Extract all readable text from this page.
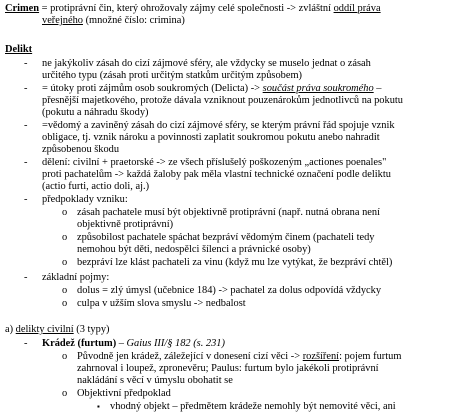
Crimen = protiprávní čin, který ohrožovaly zájmy celé společnosti -> zvláštní oddíl práva
veřejného (množné číslo: crimina)
Delikt
- ne jakýkoliv zásah do cizí zájmové sféry, ale vždycky se muselo jednat o zásah
určitého typu (zásah proti určitým statkům určitým způsobem)
- = útoky proti zájmům osob soukromých (Delicta) -> součást práva soukromého –
přesnější majetkového, protože dávala vzniknout pouzenárokům jednotlivců na pokutu
(pokutu a náhradu škody)
- =vědomý a zaviněný zásah do cizí zájmové sféry, se kterým právní řád spojuje vznik
obligace, tj. vznik nároku a povinnosti zaplatit soukromou pokutu anebo nahradit
způsobenou škodu
- dělení: civilní + praetorské -> ze všech příslušelý poškozeným „actiones poenales"
proti pachatelům -> každá žaloby pak měla vlastní technické označení podle deliktu
(actio furti, actio doli, aj.)
- předpoklady vzniku:
o zásah pachatele musí být objektivně protiprávní (např. nutná obrana není
objektivně protiprávní)
o způsobilost pachatele spáchat bezpráví vědomým činem (pachateli tedy
nemohou být děti, nedospělci šílenci a právnické osoby)
o bezpráví lze klást pachateli za vinu (když mu lze vytýkat, že bezpráví chtěl)
- základní pojmy:
o dolus = zlý úmysl (učebnice 184) -> pachatel za dolus odpovídá vždycky
o culpa v užším slova smyslu -> nedbalost
a) delikty civilní (3 typy)
- Krádež (furtum) – Gaius III/§ 182 (s. 231)
o Původně jen krádež, záležející v donesení cizí věci -> rozšíření: pojem furtum
zahrnoval i loupež, zpronevěru; Paulus: furtum bylo jakékoli protiprávní
nakládání s věcí v úmyslu obohatit se
o Objektivní předpoklad
▪ vhodný objekt – předmětem krádeže nemohly být nemovité věci, ani
